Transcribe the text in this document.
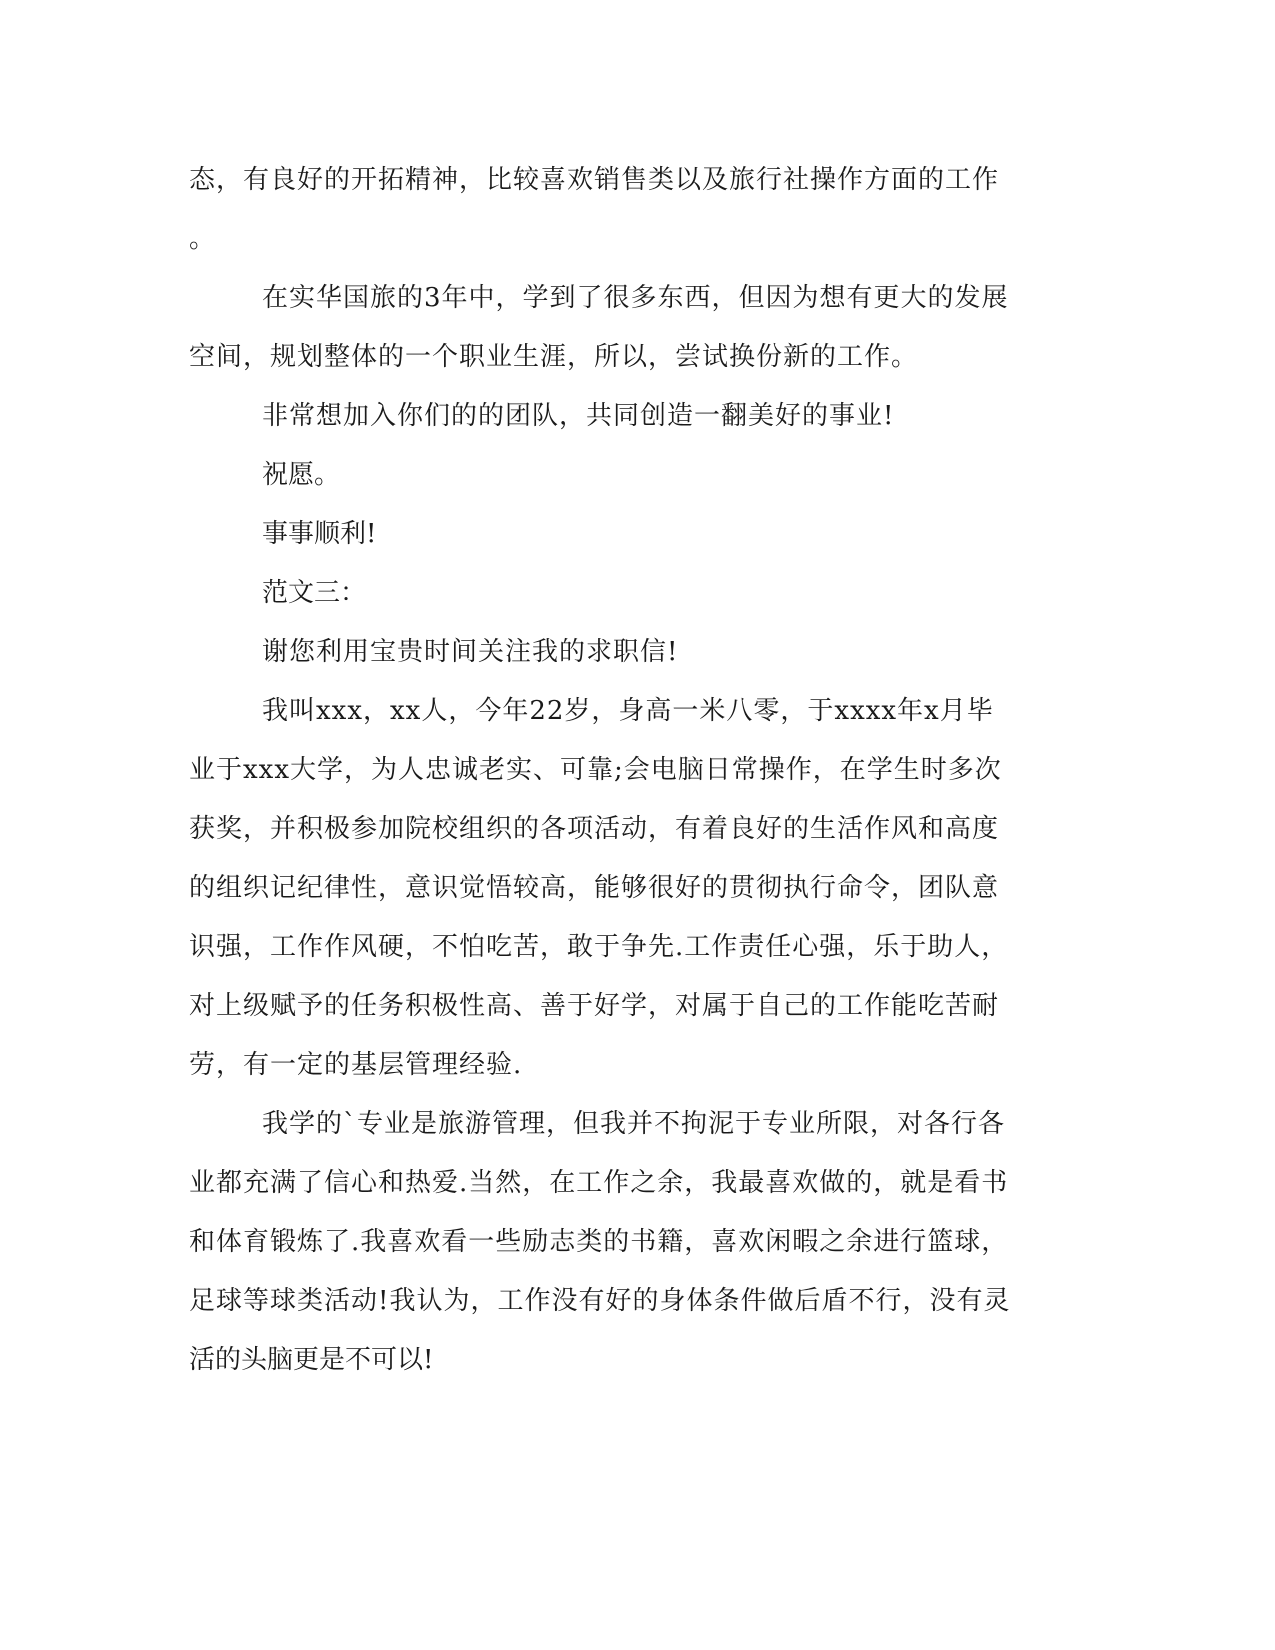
态，有良好的开拓精神，比较喜欢销售类以及旅行社操作方面的工作
。
在实华国旅的3年中，学到了很多东西，但因为想有更大的发展
空间，规划整体的一个职业生涯，所以，尝试换份新的工作。
非常想加入你们的的团队，共同创造一翻美好的事业!
祝愿。
事事顺利!
范文三：
谢您利用宝贵时间关注我的求职信!
我叫xxx，xx人，今年22岁，身高一米八零，于xxxx年x月毕
业于xxx大学，为人忠诚老实、可靠;会电脑日常操作，在学生时多次
获奖，并积极参加院校组织的各项活动，有着良好的生活作风和高度
的组织记纪律性，意识觉悟较高，能够很好的贯彻执行命令，团队意
识强，工作作风硬，不怕吃苦，敢于争先.工作责任心强，乐于助人，
对上级赋予的任务积极性高、善于好学，对属于自己的工作能吃苦耐
劳，有一定的基层管理经验.
我学的`专业是旅游管理，但我并不拘泥于专业所限，对各行各
业都充满了信心和热爱.当然，在工作之余，我最喜欢做的，就是看书
和体育锻炼了.我喜欢看一些励志类的书籍，喜欢闲暇之余进行篮球，
足球等球类活动!我认为，工作没有好的身体条件做后盾不行，没有灵
活的头脑更是不可以!
